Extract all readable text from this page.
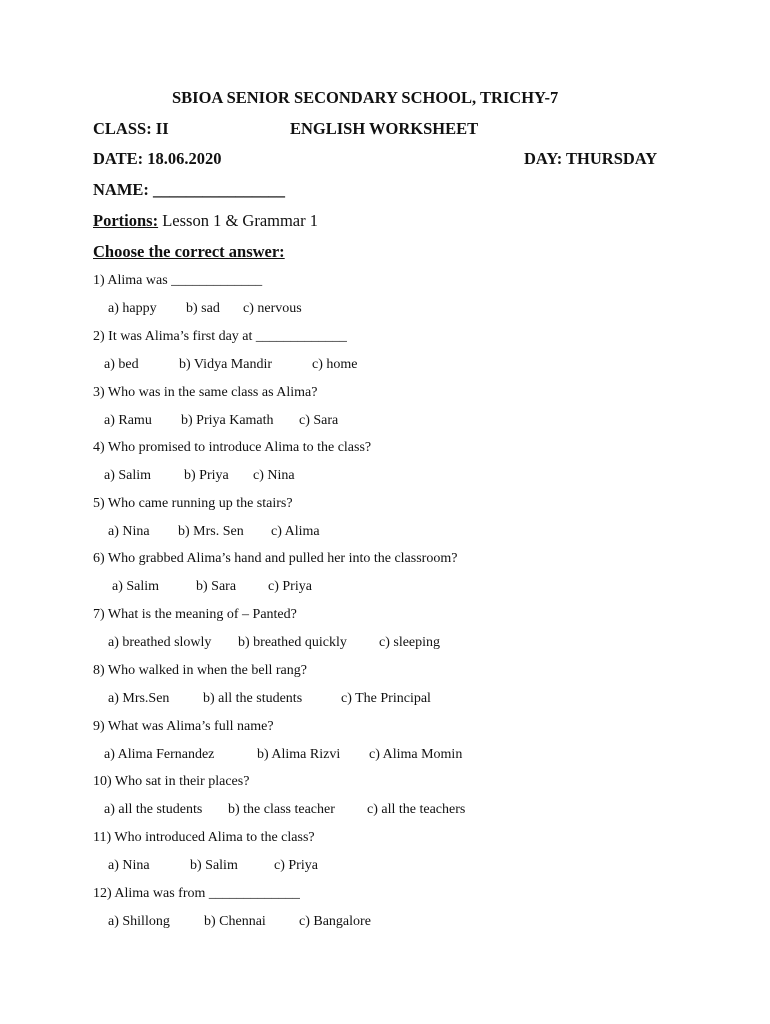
SBIOA SENIOR SECONDARY SCHOOL, TRICHY-7
CLASS: II	ENGLISH WORKSHEET
DATE: 18.06.2020	DAY: THURSDAY
NAME: ________________
Portions: Lesson 1 & Grammar 1
Choose the correct answer:
1) Alima was _____________
a) happy b) sad c) nervous
2) It was Alima’s first day at _____________
a) bed	b) Vidya Mandir	c) home
3) Who was in the same class as Alima?
a) Ramu b) Priya Kamath c) Sara
4) Who promised to introduce Alima to the class?
a) Salim b) Priya c) Nina
5) Who came running up the stairs?
a) Nina b) Mrs. Sen c) Alima
6) Who grabbed Alima’s hand and pulled her into the classroom?
a) Salim	b) Sara c) Priya
7) What is the meaning of – Panted?
a) breathed slowly b) breathed quickly c) sleeping
8) Who walked in when the bell rang?
a) Mrs.Sen b) all the students	c) The Principal
9) What was Alima’s full name?
a) Alima Fernandez	b) Alima Rizvi c) Alima Momin
10) Who sat in their places?
a) all the students b) the class teacher c) all the teachers
11) Who introduced Alima to the class?
a) Nina	b) Salim	c) Priya
12) Alima was from _____________
a) Shillong b) Chennai c) Bangalore
